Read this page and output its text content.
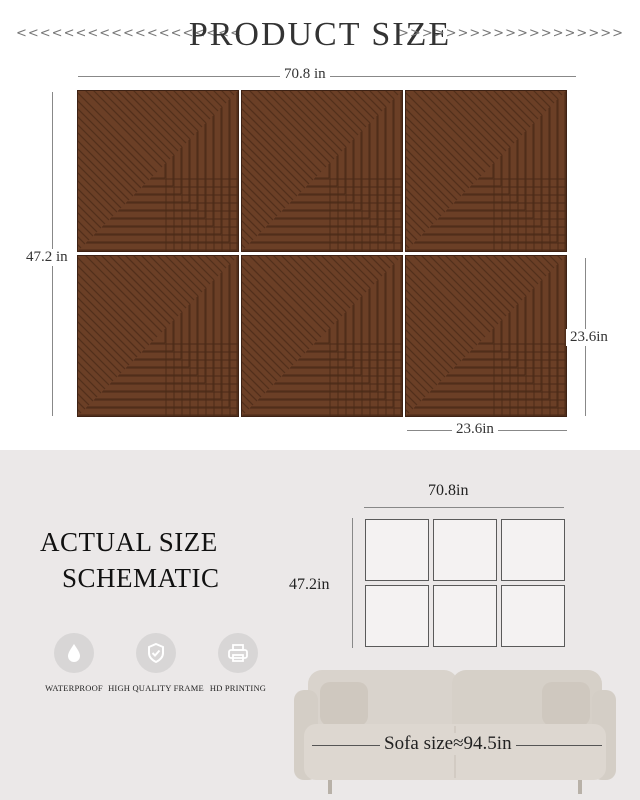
<<<<<<<<<<<<<<<<<<<
PRODUCT SIZE
>>>>>>>>>>>>>>>>>>>
70.8 in
47.2 in
23.6in
23.6in
ACTUAL SIZE
SCHEMATIC
WATERPROOF HIGH QUALITY FRAME HD PRINTING
70.8in
47.2in
Sofa size≈94.5in
